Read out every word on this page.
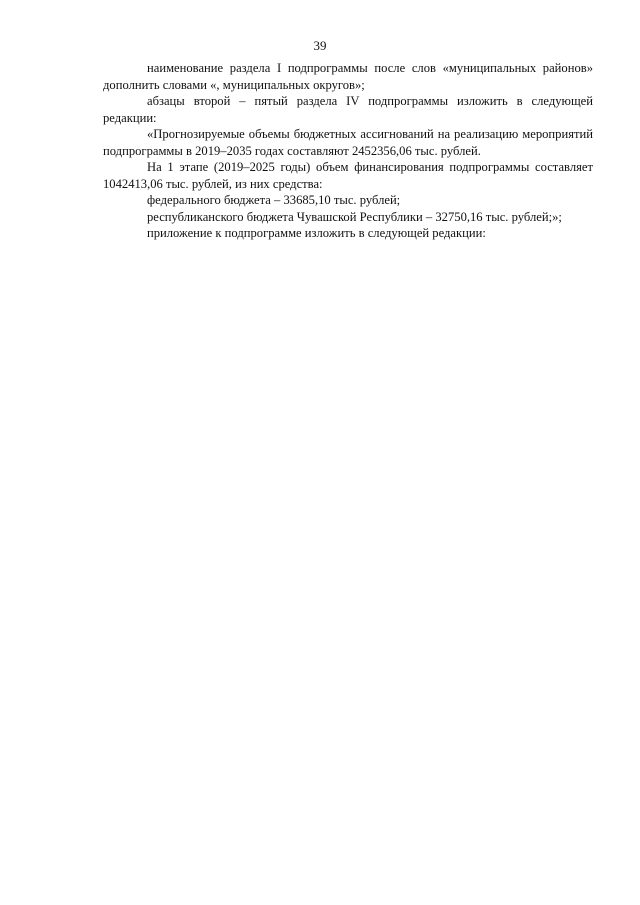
39

наименование раздела I подпрограммы после слов «муниципальных районов» дополнить словами «, муниципальных округов»;

абзацы второй – пятый раздела IV подпрограммы изложить в следующей редакции:

«Прогнозируемые объемы бюджетных ассигнований на реализацию мероприятий подпрограммы в 2019–2035 годах составляют 2452356,06 тыс. рублей.

На 1 этапе (2019–2025 годы) объем финансирования подпрограммы составляет 1042413,06 тыс. рублей, из них средства:

федерального бюджета – 33685,10 тыс. рублей;

республиканского бюджета Чувашской Республики – 32750,16 тыс. рублей;»;

приложение к подпрограмме изложить в следующей редакции:
